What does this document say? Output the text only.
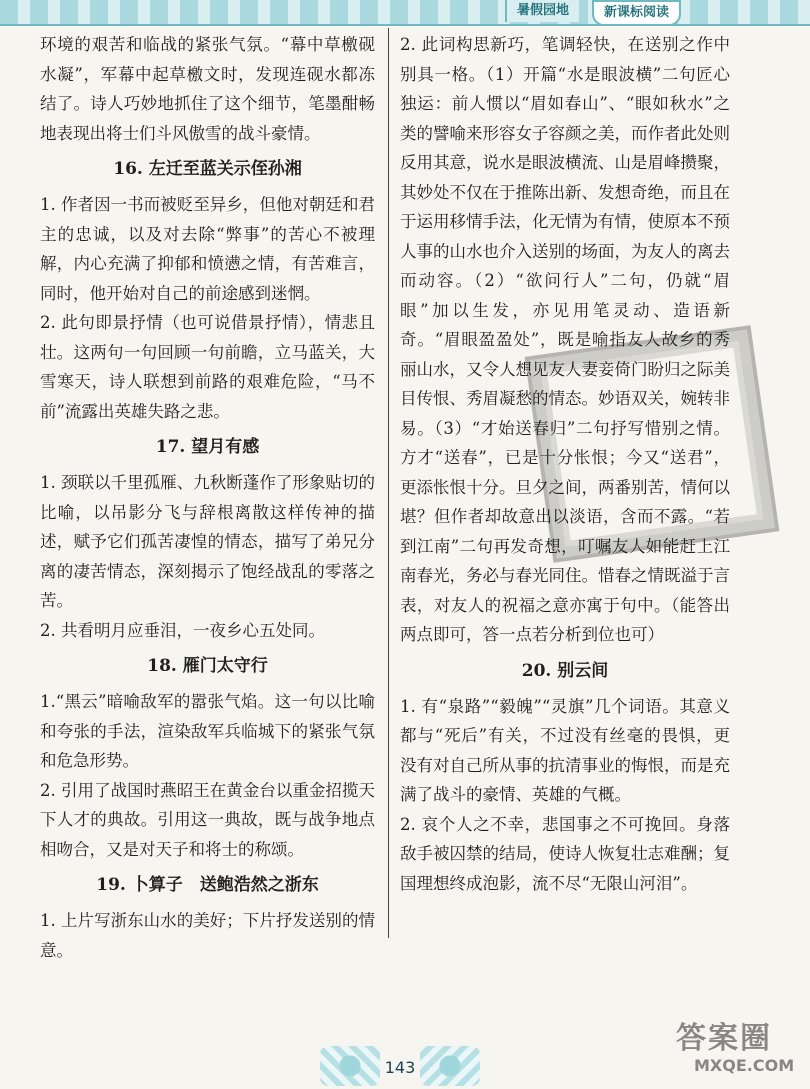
暑假园地	新课标阅读

环境的艰苦和临战的紧张气氛。“幕中草檄砚水凝”，军幕中起草檄文时，发现连砚水都冻结了。诗人巧妙地抓住了这个细节，笔墨酣畅地表现出将士们斗风傲雪的战斗豪情。

16. 左迁至蓝关示侄孙湘

1. 作者因一书而被贬至异乡，但他对朝廷和君主的忠诚，以及对去除“弊事”的苦心不被理解，内心充满了抑郁和愤懑之情，有苦难言，同时，他开始对自己的前途感到迷惘。

2. 此句即景抒情（也可说借景抒情），情悲且壮。这两句一句回顾一句前瞻，立马蓝关，大雪寒天，诗人联想到前路的艰难危险，“马不前”流露出英雄失路之悲。

17. 望月有感

1. 颈联以千里孤雁、九秋断蓬作了形象贴切的比喻，以吊影分飞与辞根离散这样传神的描述，赋予它们孤苦凄惶的情态，描写了弟兄分离的凄苦情态，深刻揭示了饱经战乱的零落之苦。

2. 共看明月应垂泪，一夜乡心五处同。

18. 雁门太守行

1.“黑云”暗喻敌军的嚣张气焰。这一句以比喻和夸张的手法，渲染敌军兵临城下的紧张气氛和危急形势。

2. 引用了战国时燕昭王在黄金台以重金招揽天下人才的典故。引用这一典故，既与战争地点相吻合，又是对天子和将士的称颂。

19. 卜算子　送鲍浩然之浙东

1. 上片写浙东山水的美好；下片抒发送别的情意。

2. 此词构思新巧，笔调轻快，在送别之作中别具一格。（1）开篇“水是眼波横”二句匠心独运：前人惯以“眉如春山”、“眼如秋水”之类的譬喻来形容女子容颜之美，而作者此处则反用其意，说水是眼波横流、山是眉峰攒聚，其妙处不仅在于推陈出新、发想奇绝，而且在于运用移情手法，化无情为有情，使原本不预人事的山水也介入送别的场面，为友人的离去而动容。（2）“欲问行人”二句，仍就“眉眼”加以生发，亦见用笔灵动、造语新奇。“眉眼盈盈处”，既是喻指友人故乡的秀丽山水，又令人想见友人妻妾倚门盼归之际美目传恨、秀眉凝愁的情态。妙语双关，婉转非易。（3）“才始送春归”二句抒写惜别之情。方才“送春”，已是十分怅恨；今又“送君”，更添怅恨十分。旦夕之间，两番别苦，情何以堪？但作者却故意出以淡语，含而不露。“若到江南”二句再发奇想，叮嘱友人如能赶上江南春光，务必与春光同住。惜春之情既溢于言表，对友人的祝福之意亦寓于句中。（能答出两点即可，答一点若分析到位也可）

20. 别云间

1. 有“泉路”“毅魄”“灵旗”几个词语。其意义都与“死后”有关，不过没有丝毫的畏惧，更没有对自己所从事的抗清事业的悔恨，而是充满了战斗的豪情、英雄的气概。

2. 哀个人之不幸，悲国事之不可挽回。身落敌手被囚禁的结局，使诗人恢复壮志难酬；复国理想终成泡影，流不尽“无限山河泪”。

143
答案圈
MXQE.COM
